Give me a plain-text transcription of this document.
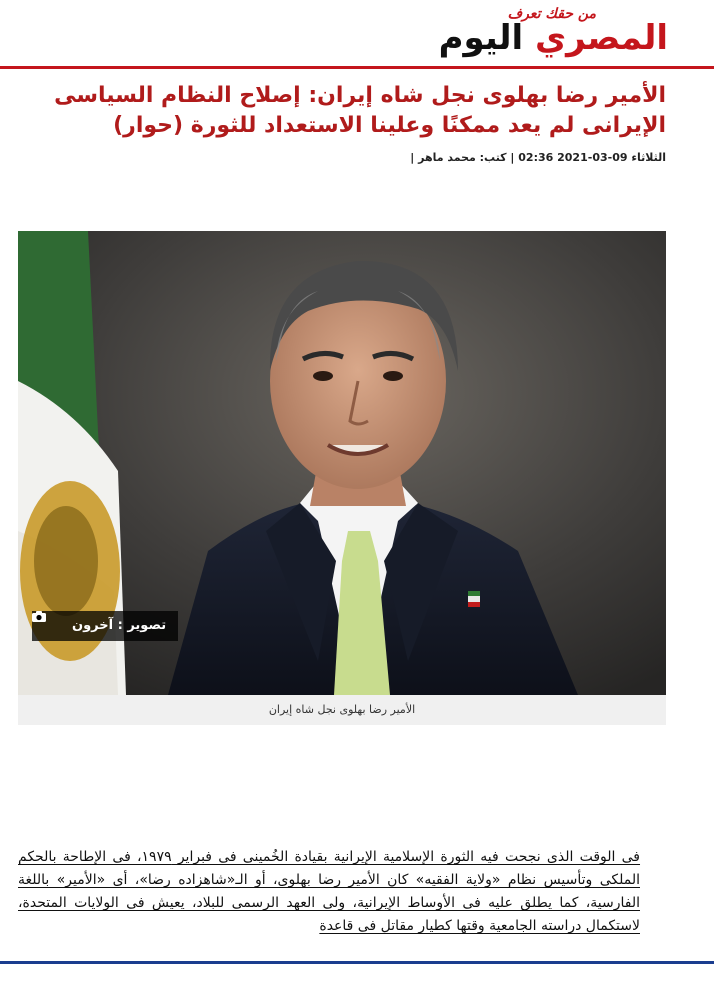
من حقك تعرف
المصري اليوم
الأمير رضا بهلوى نجل شاه إيران: إصلاح النظام السياسى الإيرانى لم يعد ممكنًا وعلينا الاستعداد للثورة (حوار)
الثلاثاء 09-03-2021 02:36 | كتب: محمد ماهر |
تصوير : آخرون
الأمير رضا بهلوى نجل شاه إيران
فى الوقت الذى نجحت فيه الثورة الإسلامية الإيرانية بقيادة الخُمينى فى فبراير ١٩٧٩، فى الإطاحة بالحكم الملكى وتأسيس نظام «ولاية الفقيه» كان الأمير رضا بهلوى، أو الـ«شاهزاده رضا»، أى «الأمير» باللغة الفارسية، كما يطلق عليه فى الأوساط الإيرانية، ولى العهد الرسمى للبلاد، يعيش فى الولايات المتحدة، لاستكمال دراسته الجامعية وقتها كطيار مقاتل فى قاعدة
